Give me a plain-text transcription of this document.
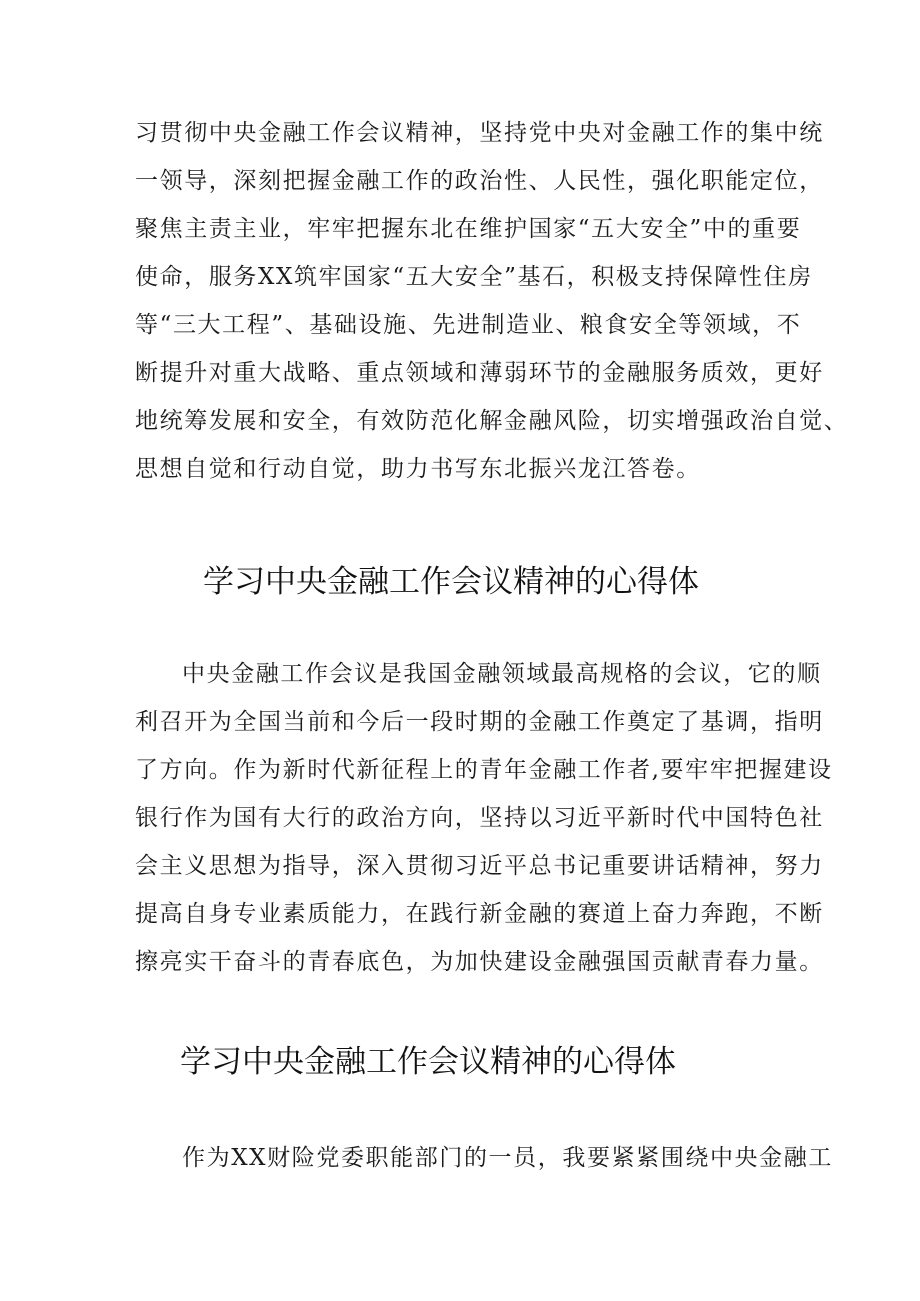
习贯彻中央金融工作会议精神，坚持党中央对金融工作的集中统
一领导，深刻把握金融工作的政治性、人民性，强化职能定位，
聚焦主责主业，牢牢把握东北在维护国家“五大安全”中的重要
使命，服务XX筑牢国家“五大安全”基石，积极支持保障性住房
等“三大工程”、基础设施、先进制造业、粮食安全等领域，不
断提升对重大战略、重点领域和薄弱环节的金融服务质效，更好
地统筹发展和安全，有效防范化解金融风险，切实增强政治自觉、
思想自觉和行动自觉，助力书写东北振兴龙江答卷。
学习中央金融工作会议精神的心得体
中央金融工作会议是我国金融领域最高规格的会议，它的顺
利召开为全国当前和今后一段时期的金融工作奠定了基调，指明
了方向。作为新时代新征程上的青年金融工作者,要牢牢把握建设
银行作为国有大行的政治方向，坚持以习近平新时代中国特色社
会主义思想为指导，深入贯彻习近平总书记重要讲话精神，努力
提高自身专业素质能力，在践行新金融的赛道上奋力奔跑，不断
擦亮实干奋斗的青春底色，为加快建设金融强国贡献青春力量。
学习中央金融工作会议精神的心得体
作为XX财险党委职能部门的一员，我要紧紧围绕中央金融工
